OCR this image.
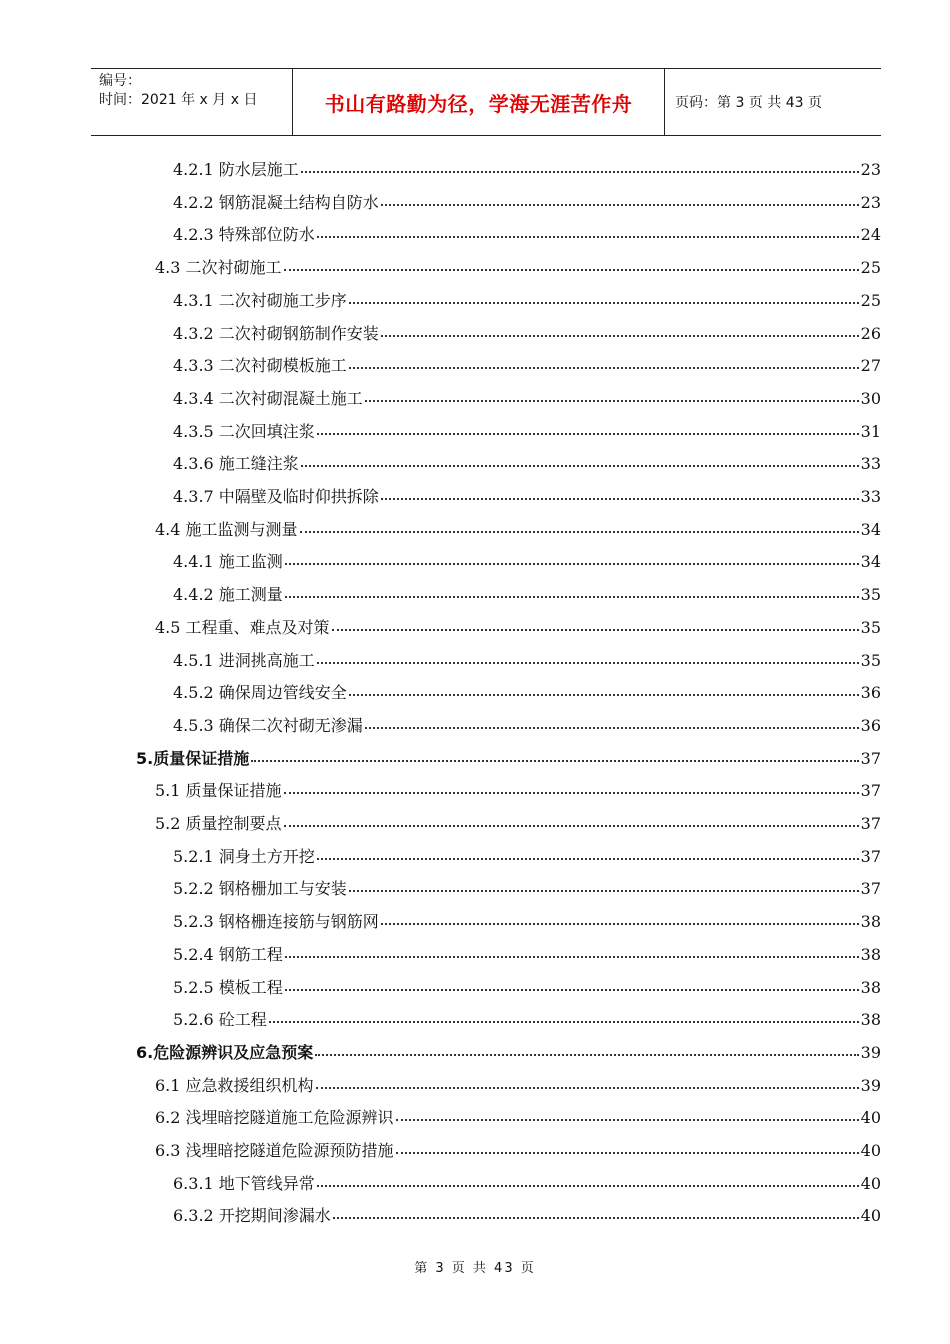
编号：
时间：2021 年 x 月 x 日	书山有路勤为径，学海无涯苦作舟	页码：第 3 页 共 43 页
4.2.1 防水层施工	23
4.2.2 钢筋混凝土结构自防水	23
4.2.3 特殊部位防水	24
4.3 二次衬砌施工	25
4.3.1 二次衬砌施工步序	25
4.3.2 二次衬砌钢筋制作安装	26
4.3.3 二次衬砌模板施工	27
4.3.4 二次衬砌混凝土施工	30
4.3.5 二次回填注浆	31
4.3.6 施工缝注浆	33
4.3.7 中隔壁及临时仰拱拆除	33
4.4 施工监测与测量	34
4.4.1 施工监测	34
4.4.2 施工测量	35
4.5 工程重、难点及对策	35
4.5.1 进洞挑高施工	35
4.5.2 确保周边管线安全	36
4.5.3 确保二次衬砌无渗漏	36
5.质量保证措施	37
5.1 质量保证措施	37
5.2 质量控制要点	37
5.2.1 洞身土方开挖	37
5.2.2 钢格栅加工与安装	37
5.2.3 钢格栅连接筋与钢筋网	38
5.2.4 钢筋工程	38
5.2.5 模板工程	38
5.2.6 砼工程	38
6.危险源辨识及应急预案	39
6.1 应急救援组织机构	39
6.2 浅埋暗挖隧道施工危险源辨识	40
6.3 浅埋暗挖隧道危险源预防措施	40
6.3.1 地下管线异常	40
6.3.2 开挖期间渗漏水	40
第 3 页 共 43 页
